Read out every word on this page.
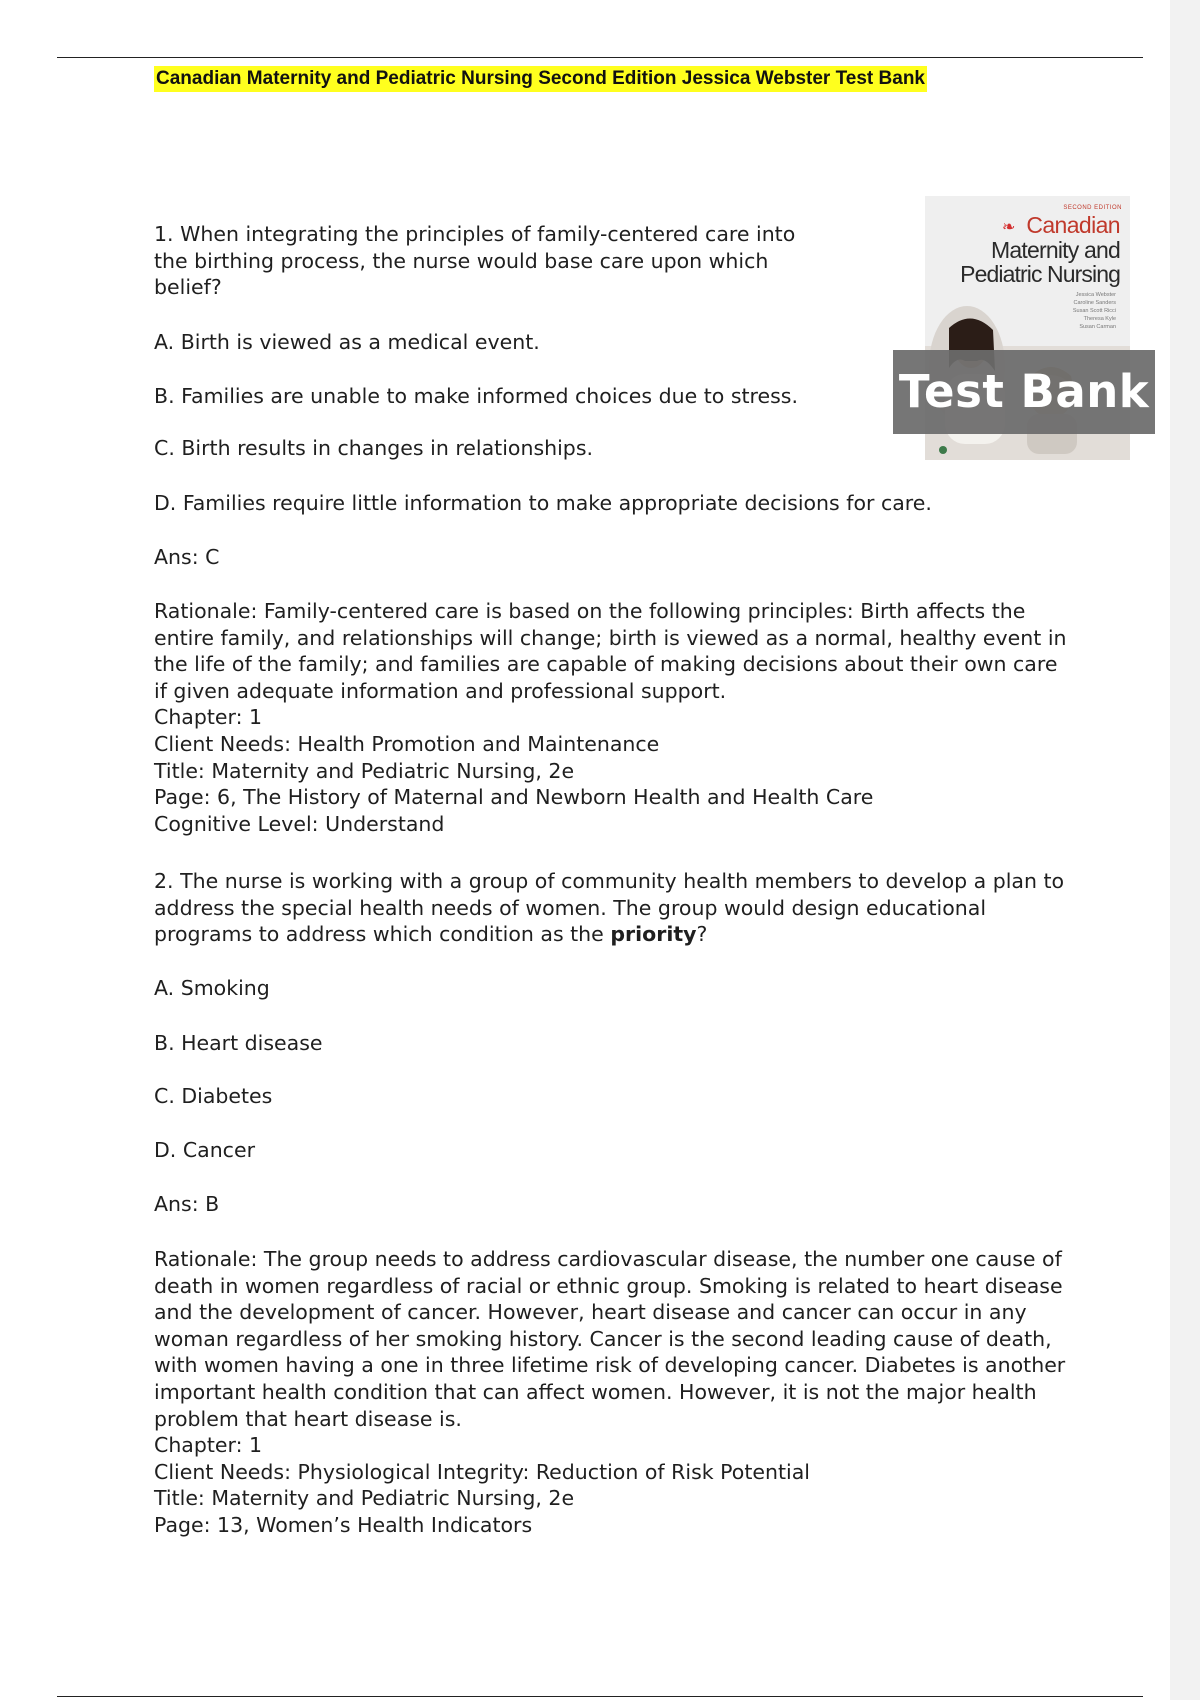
Canadian Maternity and Pediatric Nursing Second Edition Jessica Webster Test Bank
SECOND EDITION
❧ Canadian
Maternity and
Pediatric Nursing
Jessica Webster
Caroline Sanders
Susan Scott Ricci
Theresa Kyle
Susan Carman
Test Bank
1. When integrating the principles of family-centered care into
the birthing process, the nurse would base care upon which
belief?
A. Birth is viewed as a medical event.
B. Families are unable to make informed choices due to stress.
C. Birth results in changes in relationships.
D. Families require little information to make appropriate decisions for care.
Ans: C
Rationale: Family-centered care is based on the following principles: Birth affects the
entire family, and relationships will change; birth is viewed as a normal, healthy event in
the life of the family; and families are capable of making decisions about their own care
if given adequate information and professional support.
Chapter: 1
Client Needs: Health Promotion and Maintenance
Title: Maternity and Pediatric Nursing, 2e
Page: 6, The History of Maternal and Newborn Health and Health Care
Cognitive Level: Understand
2. The nurse is working with a group of community health members to develop a plan to
address the special health needs of women. The group would design educational
programs to address which condition as the priority?
A. Smoking
B. Heart disease
C. Diabetes
D. Cancer
Ans: B
Rationale: The group needs to address cardiovascular disease, the number one cause of
death in women regardless of racial or ethnic group. Smoking is related to heart disease
and the development of cancer. However, heart disease and cancer can occur in any
woman regardless of her smoking history. Cancer is the second leading cause of death,
with women having a one in three lifetime risk of developing cancer. Diabetes is another
important health condition that can affect women. However, it is not the major health
problem that heart disease is.
Chapter: 1
Client Needs: Physiological Integrity: Reduction of Risk Potential
Title: Maternity and Pediatric Nursing, 2e
Page: 13, Women’s Health Indicators
